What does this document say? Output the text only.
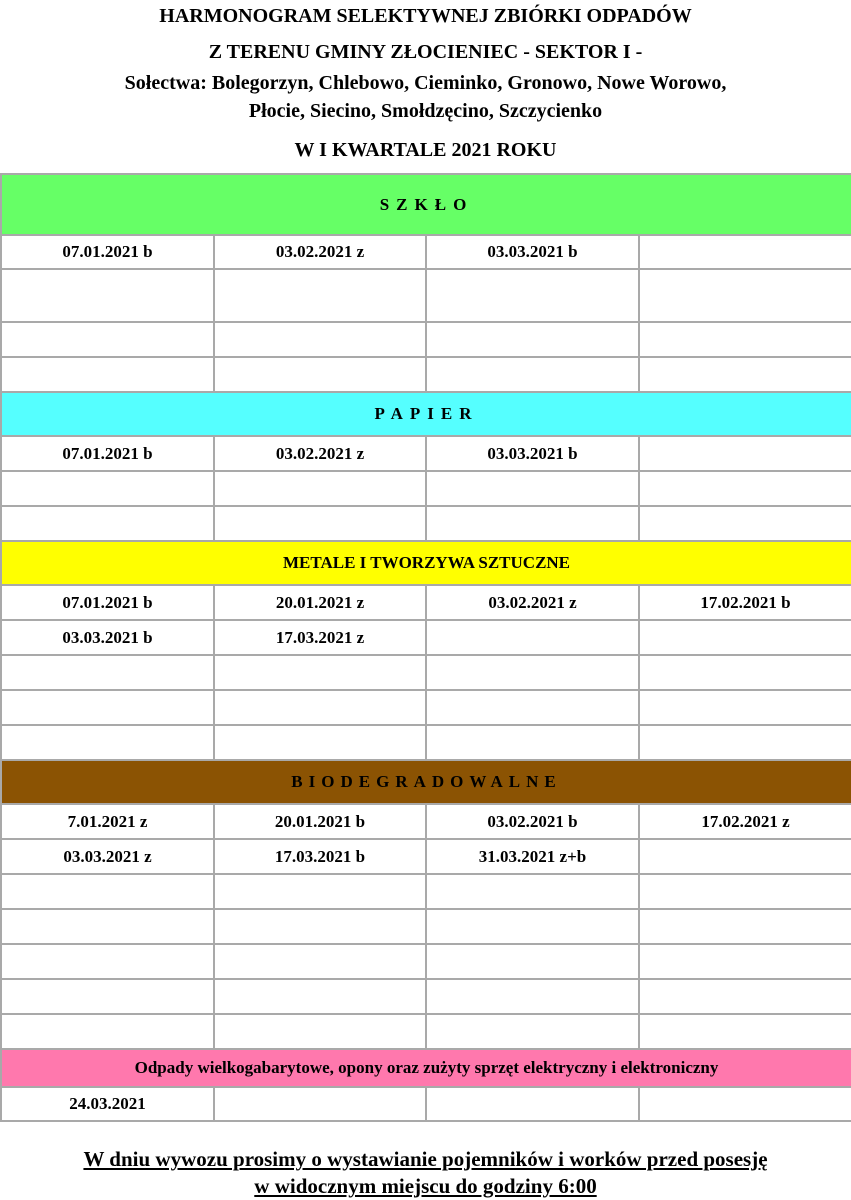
HARMONOGRAM SELEKTYWNEJ ZBIÓRKI ODPADÓW
Z TERENU GMINY ZŁOCIENIEC - SEKTOR I -
Sołectwa: Bolegorzyn, Chlebowo, Cieminko, Gronowo, Nowe Worowo,
Płocie, Siecino, Smołdzęcino, Szczycienko
W I KWARTALE 2021 ROKU
SZKŁO			
07.01.2021 b	03.02.2021 z	03.03.2021 b	

PAPIER			
07.01.2021 b	03.02.2021 z	03.03.2021 b	

METALE I TWORZYWA SZTUCZNE			
07.01.2021 b	20.01.2021 z	03.02.2021 z	17.02.2021 b
03.03.2021 b	17.03.2021 z		

BIODEGRADOWALNE			
7.01.2021 z	20.01.2021 b	03.02.2021 b	17.02.2021 z
03.03.2021 z	17.03.2021 b	31.03.2021 z+b	

Odpady wielkogabarytowe, opony oraz zużyty sprzęt elektryczny i elektroniczny			
24.03.2021			
W dniu wywozu prosimy o wystawianie pojemników i worków przed posesję
w widocznym miejscu do godziny 6:00
